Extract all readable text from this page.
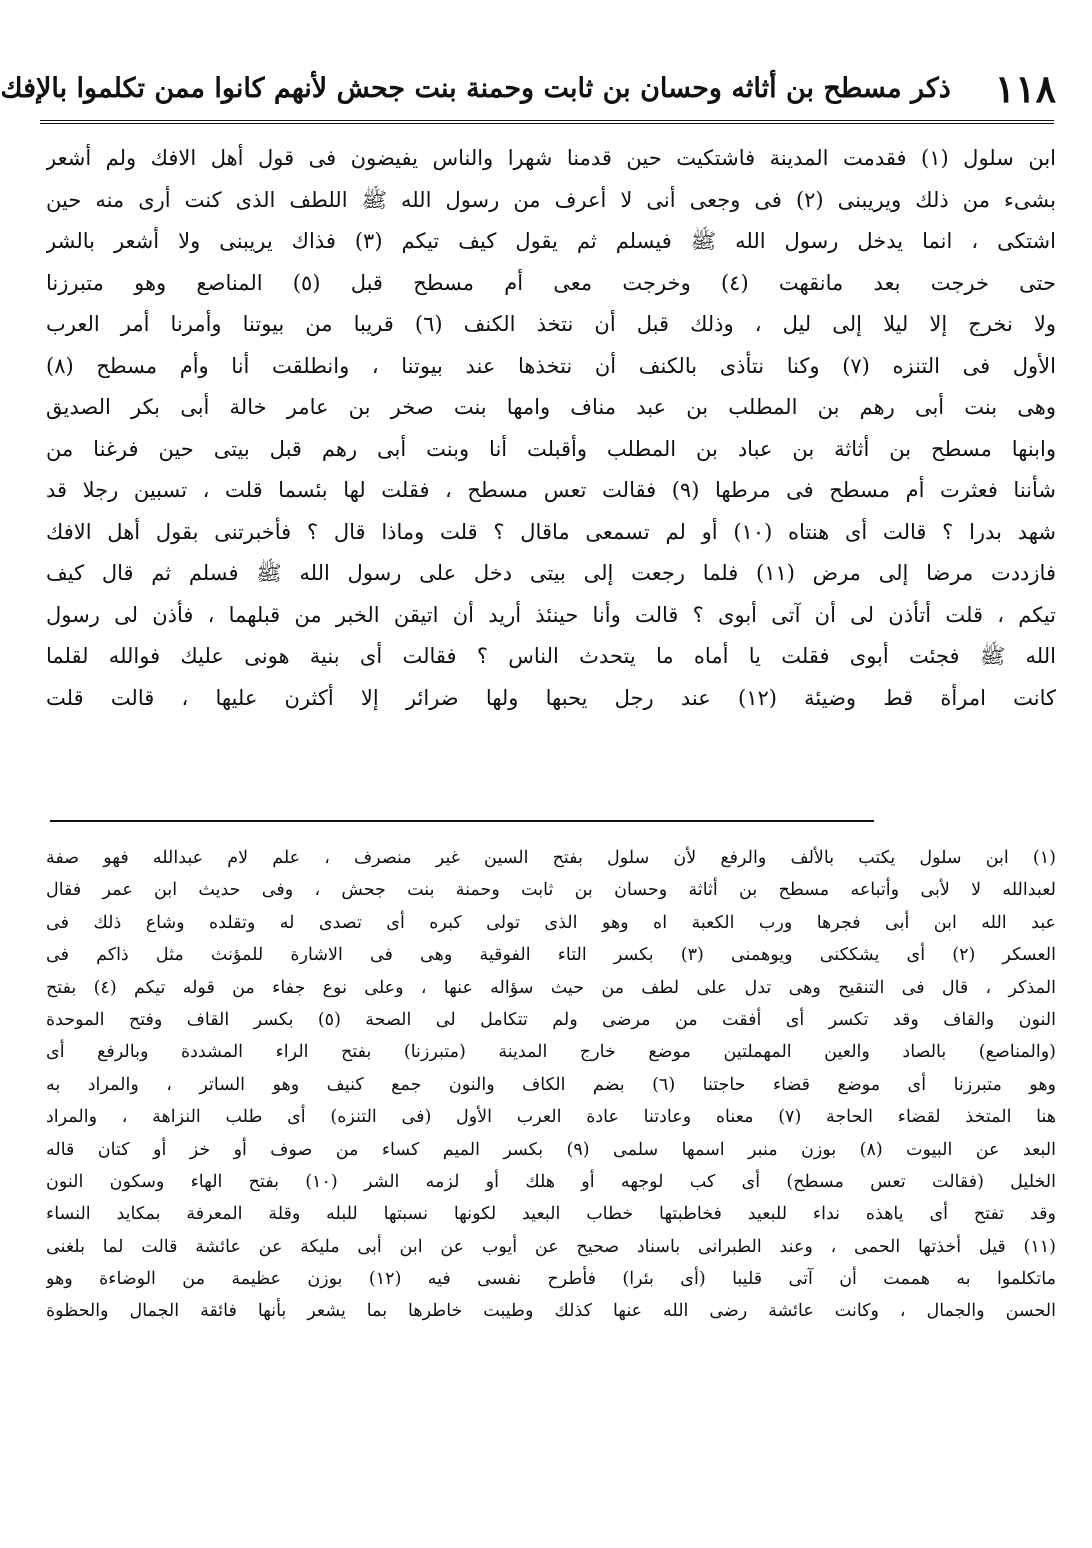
١١٨
ذكر مسطح بن أثاثه وحسان بن ثابت وحمنة بنت جحش لأنهم كانوا ممن تكلموا بالإفك
ابن سلول (١) فقدمت المدينة فاشتكيت حين قدمنا شهرا والناس يفيضون فى قول أهل الافك ولم أشعر
بشىء من ذلك ويريبنى (٢) فى وجعى أنى لا أعرف من رسول الله ﷺ اللطف الذى كنت أرى منه حين
اشتكى ، انما يدخل رسول الله ﷺ فيسلم ثم يقول كيف تيكم (٣) فذاك يريبنى ولا أشعر بالشر
حتى خرجت بعد مانقهت (٤) وخرجت معى أم مسطح قبل (٥) المناصع وهو متبرزنا
ولا نخرج إلا ليلا إلى ليل ، وذلك قبل أن نتخذ الكنف (٦) قريبا من بيوتنا وأمرنا أمر العرب
الأول فى التنزه (٧) وكنا نتأذى بالكنف أن نتخذها عند بيوتنا ، وانطلقت أنا وأم مسطح (٨)
وهى بنت أبى رهم بن المطلب بن عبد مناف وامها بنت صخر بن عامر خالة أبى بكر الصديق
وابنها مسطح بن أثاثة بن عباد بن المطلب وأقبلت أنا وبنت أبى رهم قبل بيتى حين فرغنا من
شأننا فعثرت أم مسطح فى مرطها (٩) فقالت تعس مسطح ، فقلت لها بئسما قلت ، تسبين رجلا قد
شهد بدرا ؟ قالت أى هنتاه (١٠) أو لم تسمعى ماقال ؟ قلت وماذا قال ؟ فأخبرتنى بقول أهل الافك
فازددت مرضا إلى مرض (١١) فلما رجعت إلى بيتى دخل على رسول الله ﷺ فسلم ثم قال كيف
تيكم ، قلت أتأذن لى أن آتى أبوى ؟ قالت وأنا حينئذ أريد أن اتيقن الخبر من قبلهما ، فأذن لى رسول
الله ﷺ فجئت أبوى فقلت يا أماه ما يتحدث الناس ؟ فقالت أى بنية هونى عليك فوالله لقلما
كانت امرأة قط وضيئة (١٢) عند رجل يحبها ولها ضرائر إلا أكثرن عليها ، قالت قلت
(١) ابن سلول يكتب بالألف والرفع لأن سلول بفتح السين غير منصرف ، علم لام عبدالله فهو صفة
لعبدالله لا لأبى وأتباعه مسطح بن أثاثة وحسان بن ثابت وحمنة بنت جحش ، وفى حديث ابن عمر فقال
عبد الله ابن أبى فجرها ورب الكعبة اه وهو الذى تولى كبره أى تصدى له وتقلده وشاع ذلك فى
العسكر (٢) أى يشككنى ويوهمنى (٣) بكسر التاء الفوقية وهى فى الاشارة للمؤنث مثل ذاكم فى
المذكر ، قال فى التنقيح وهى تدل على لطف من حيث سؤاله عنها ، وعلى نوع جفاء من قوله تيكم (٤) بفتح
النون والقاف وقد تكسر أى أفقت من مرضى ولم تتكامل لى الصحة (٥) بكسر القاف وفتح الموحدة
(والمناصع) بالصاد والعين المهملتين موضع خارج المدينة (متبرزنا) بفتح الراء المشددة وبالرفع أى
وهو متبرزنا أى موضع قضاء حاجتنا (٦) بضم الكاف والنون جمع كنيف وهو الساتر ، والمراد به
هنا المتخذ لقضاء الحاجة (٧) معناه وعادتنا عادة العرب الأول (فى التنزه) أى طلب النزاهة ، والمراد
البعد عن البيوت (٨) بوزن منبر اسمها سلمى (٩) بكسر الميم كساء من صوف أو خز أو كتان قاله
الخليل (فقالت تعس مسطح) أى كب لوجهه أو هلك أو لزمه الشر (١٠) بفتح الهاء وسكون النون
وقد تفتح أى ياهذه نداء للبعيد فخاطبتها خطاب البعيد لكونها نسبتها للبله وقلة المعرفة بمكايد النساء
(١١) قيل أخذتها الحمى ، وعند الطبرانى باسناد صحيح عن أيوب عن ابن أبى مليكة عن عائشة قالت لما بلغنى
ماتكلموا به هممت أن آتى قليبا (أى بئرا) فأطرح نفسى فيه (١٢) بوزن عظيمة من الوضاءة وهو
الحسن والجمال ، وكانت عائشة رضى الله عنها كذلك وطيبت خاطرها بما يشعر بأنها فائقة الجمال والحظوة
